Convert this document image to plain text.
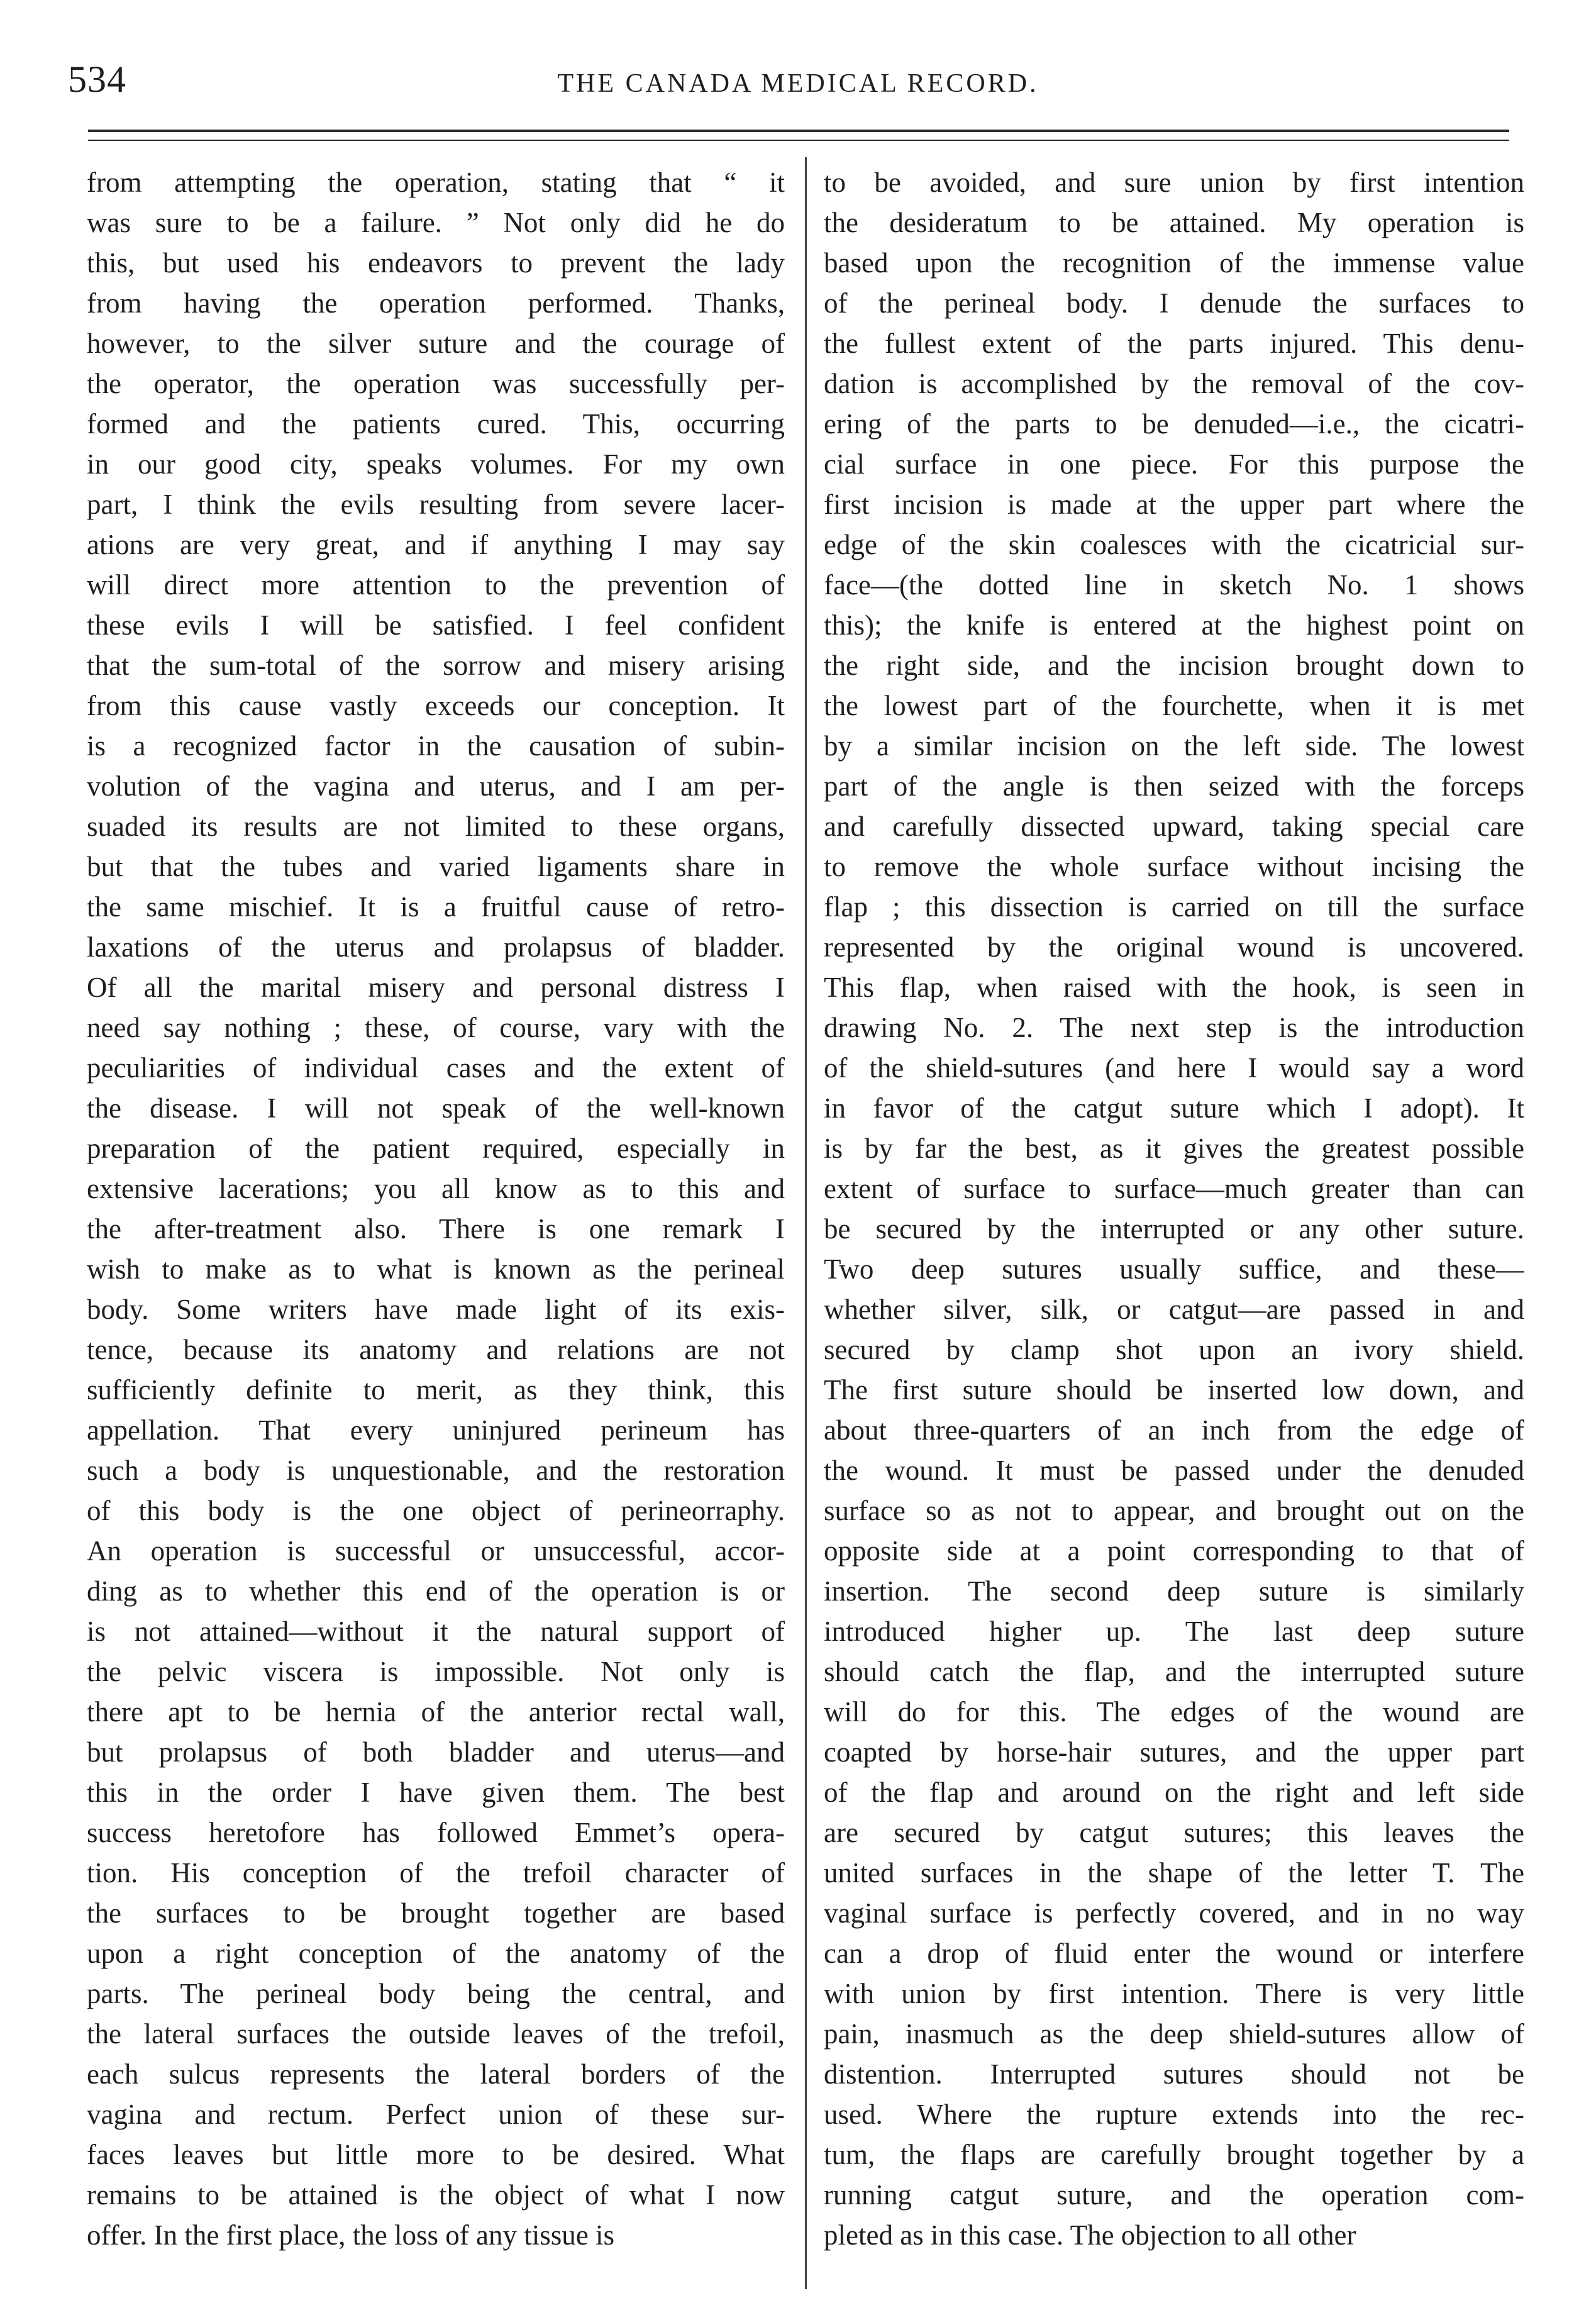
534	THE CANADA MEDICAL RECORD.
from attempting the operation, stating that “ it
was sure to be a failure. ” Not only did he do
this, but used his endeavors to prevent the lady
from having the operation performed. Thanks,
however, to the silver suture and the courage of
the operator, the operation was successfully per-
formed and the patients cured. This, occurring
in our good city, speaks volumes. For my own
part, I think the evils resulting from severe lacer-
ations are very great, and if anything I may say
will direct more attention to the prevention of
these evils I will be satisfied. I feel confident
that the sum-total of the sorrow and misery arising
from this cause vastly exceeds our conception. It
is a recognized factor in the causation of subin-
volution of the vagina and uterus, and I am per-
suaded its results are not limited to these organs,
but that the tubes and varied ligaments share in
the same mischief. It is a fruitful cause of retro-
laxations of the uterus and prolapsus of bladder.
Of all the marital misery and personal distress I
need say nothing ; these, of course, vary with the
peculiarities of individual cases and the extent of
the disease. I will not speak of the well-known
preparation of the patient required, especially in
extensive lacerations; you all know as to this and
the after-treatment also. There is one remark I
wish to make as to what is known as the perineal
body. Some writers have made light of its exis-
tence, because its anatomy and relations are not
sufficiently definite to merit, as they think, this
appellation. That every uninjured perineum has
such a body is unquestionable, and the restoration
of this body is the one object of perineorraphy.
An operation is successful or unsuccessful, accor-
ding as to whether this end of the operation is or
is not attained—without it the natural support of
the pelvic viscera is impossible. Not only is
there apt to be hernia of the anterior rectal wall,
but prolapsus of both bladder and uterus—and
this in the order I have given them. The best
success heretofore has followed Emmet’s opera-
tion. His conception of the trefoil character of
the surfaces to be brought together are based
upon a right conception of the anatomy of the
parts. The perineal body being the central, and
the lateral surfaces the outside leaves of the trefoil,
each sulcus represents the lateral borders of the
vagina and rectum. Perfect union of these sur-
faces leaves but little more to be desired. What
remains to be attained is the object of what I now
offer. In the first place, the loss of any tissue is
to be avoided, and sure union by first intention
the desideratum to be attained. My operation is
based upon the recognition of the immense value
of the perineal body. I denude the surfaces to
the fullest extent of the parts injured. This denu-
dation is accomplished by the removal of the cov-
ering of the parts to be denuded—i.e., the cicatri-
cial surface in one piece. For this purpose the
first incision is made at the upper part where the
edge of the skin coalesces with the cicatricial sur-
face—(the dotted line in sketch No. 1 shows
this); the knife is entered at the highest point on
the right side, and the incision brought down to
the lowest part of the fourchette, when it is met
by a similar incision on the left side. The lowest
part of the angle is then seized with the forceps
and carefully dissected upward, taking special care
to remove the whole surface without incising the
flap ; this dissection is carried on till the surface
represented by the original wound is uncovered.
This flap, when raised with the hook, is seen in
drawing No. 2. The next step is the introduction
of the shield-sutures (and here I would say a word
in favor of the catgut suture which I adopt). It
is by far the best, as it gives the greatest possible
extent of surface to surface—much greater than can
be secured by the interrupted or any other suture.
Two deep sutures usually suffice, and these—
whether silver, silk, or catgut—are passed in and
secured by clamp shot upon an ivory shield.
The first suture should be inserted low down, and
about three-quarters of an inch from the edge of
the wound. It must be passed under the denuded
surface so as not to appear, and brought out on the
opposite side at a point corresponding to that of
insertion. The second deep suture is similarly
introduced higher up. The last deep suture
should catch the flap, and the interrupted suture
will do for this. The edges of the wound are
coapted by horse-hair sutures, and the upper part
of the flap and around on the right and left side
are secured by catgut sutures; this leaves the
united surfaces in the shape of the letter T. The
vaginal surface is perfectly covered, and in no way
can a drop of fluid enter the wound or interfere
with union by first intention. There is very little
pain, inasmuch as the deep shield-sutures allow of
distention. Interrupted sutures should not be
used. Where the rupture extends into the rec-
tum, the flaps are carefully brought together by a
running catgut suture, and the operation com-
pleted as in this case. The objection to all other
